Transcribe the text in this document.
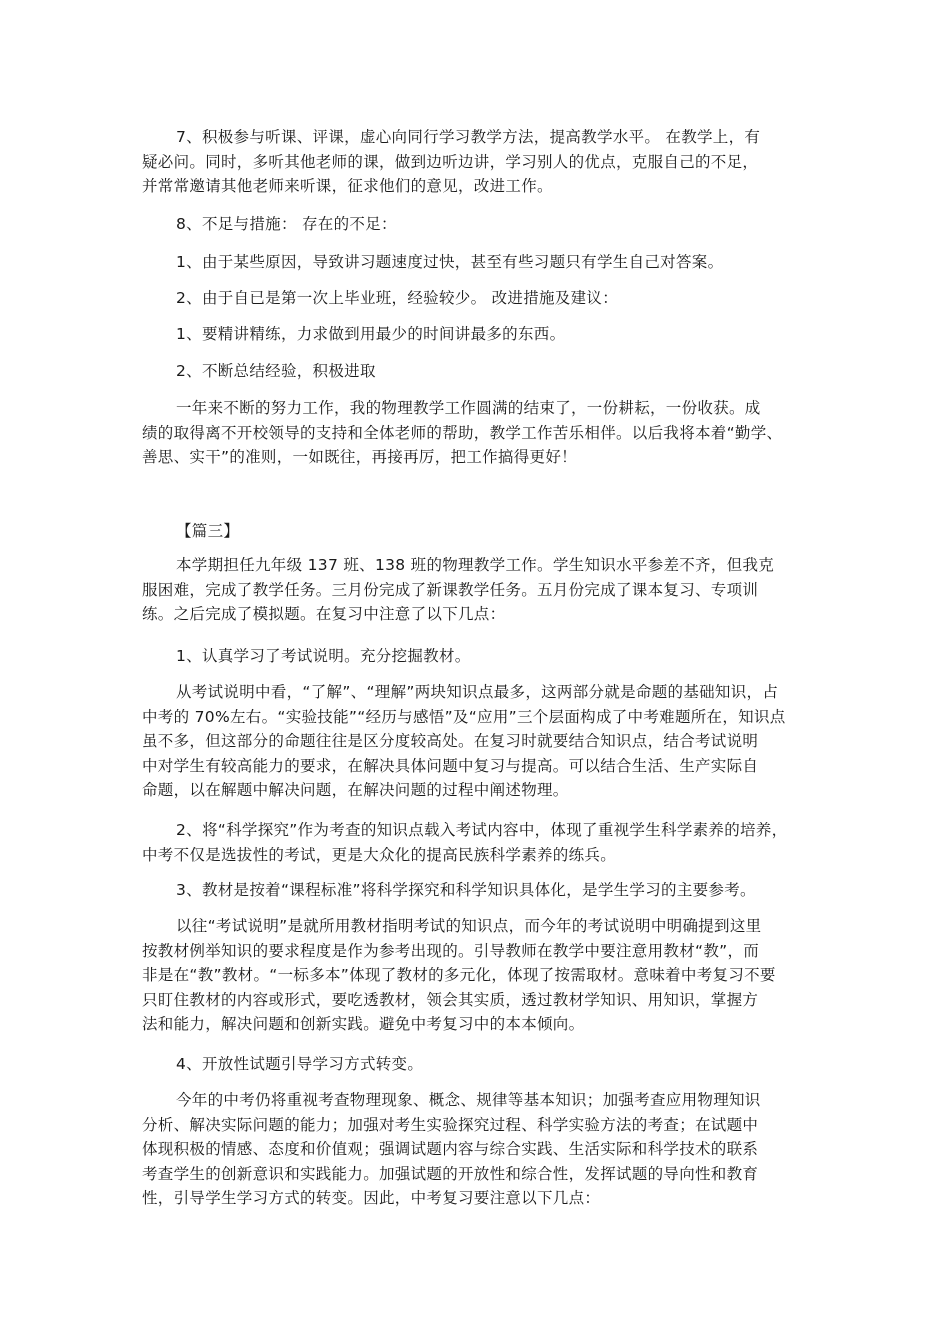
7、积极参与听课、评课，虚心向同行学习教学方法，提高教学水平。 在教学上，有
疑必问。同时，多听其他老师的课，做到边听边讲，学习别人的优点，克服自己的不足，
并常常邀请其他老师来听课，征求他们的意见，改进工作。

8、不足与措施： 存在的不足：

1、由于某些原因，导致讲习题速度过快，甚至有些习题只有学生自己对答案。

2、由于自已是第一次上毕业班，经验较少。 改进措施及建议：

1、要精讲精练，力求做到用最少的时间讲最多的东西。

2、不断总结经验，积极进取

一年来不断的努力工作，我的物理教学工作圆满的结束了，一份耕耘，一份收获。成
绩的取得离不开校领导的支持和全体老师的帮助，教学工作苦乐相伴。以后我将本着“勤学、
善思、实干”的准则，一如既往，再接再厉，把工作搞得更好！

【篇三】

本学期担任九年级 137 班、138 班的物理教学工作。学生知识水平参差不齐，但我克
服困难，完成了教学任务。三月份完成了新课教学任务。五月份完成了课本复习、专项训
练。之后完成了模拟题。在复习中注意了以下几点：

1、认真学习了考试说明。充分挖掘教材。

从考试说明中看，“了解”、“理解”两块知识点最多，这两部分就是命题的基础知识，占
中考的 70%左右。“实验技能”“经历与感悟”及“应用”三个层面构成了中考难题所在，知识点
虽不多，但这部分的命题往往是区分度较高处。在复习时就要结合知识点，结合考试说明
中对学生有较高能力的要求，在解决具体问题中复习与提高。可以结合生活、生产实际自
命题，以在解题中解决问题，在解决问题的过程中阐述物理。

2、将“科学探究”作为考查的知识点载入考试内容中，体现了重视学生科学素养的培养，
中考不仅是选拔性的考试，更是大众化的提高民族科学素养的练兵。

3、教材是按着“课程标准”将科学探究和科学知识具体化，是学生学习的主要参考。

以往“考试说明”是就所用教材指明考试的知识点，而今年的考试说明中明确提到这里
按教材例举知识的要求程度是作为参考出现的。引导教师在教学中要注意用教材“教”，而
非是在“教”教材。“一标多本”体现了教材的多元化，体现了按需取材。意味着中考复习不要
只盯住教材的内容或形式，要吃透教材，领会其实质，透过教材学知识、用知识，掌握方
法和能力，解决问题和创新实践。避免中考复习中的本本倾向。

4、开放性试题引导学习方式转变。

今年的中考仍将重视考查物理现象、概念、规律等基本知识；加强考查应用物理知识
分析、解决实际问题的能力；加强对考生实验探究过程、科学实验方法的考查；在试题中
体现积极的情感、态度和价值观；强调试题内容与综合实践、生活实际和科学技术的联系
考查学生的创新意识和实践能力。加强试题的开放性和综合性，发挥试题的导向性和教育
性，引导学生学习方式的转变。因此，中考复习要注意以下几点：
